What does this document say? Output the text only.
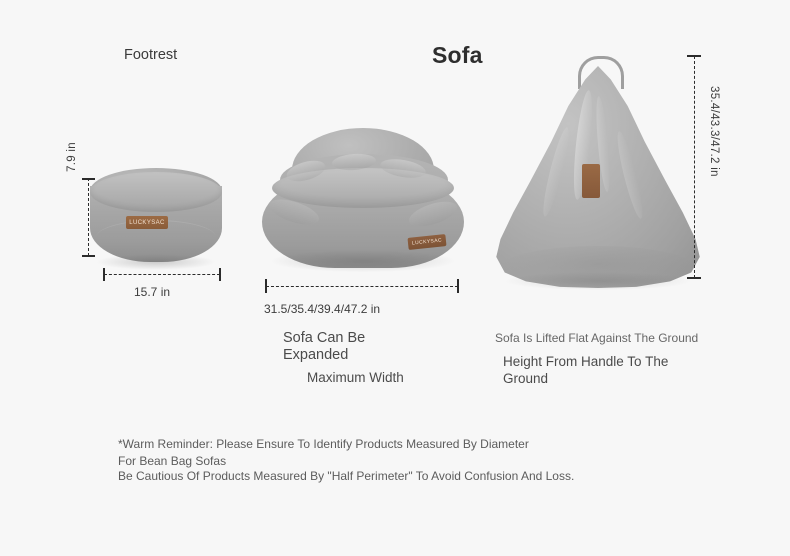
Footrest	Sofa
LUCKYSAC
7.9 in
15.7 in
LUCKYSAC
31.5/35.4/39.4/47.2 in
Sofa Can Be Expanded
Maximum Width
35.4/43.3/47.2 in
Sofa Is Lifted Flat Against The Ground
Height From Handle To The Ground
*Warm Reminder: Please Ensure To Identify Products Measured By Diameter
For Bean Bag Sofas
Be Cautious Of Products Measured By "Half Perimeter" To Avoid Confusion And Loss.
